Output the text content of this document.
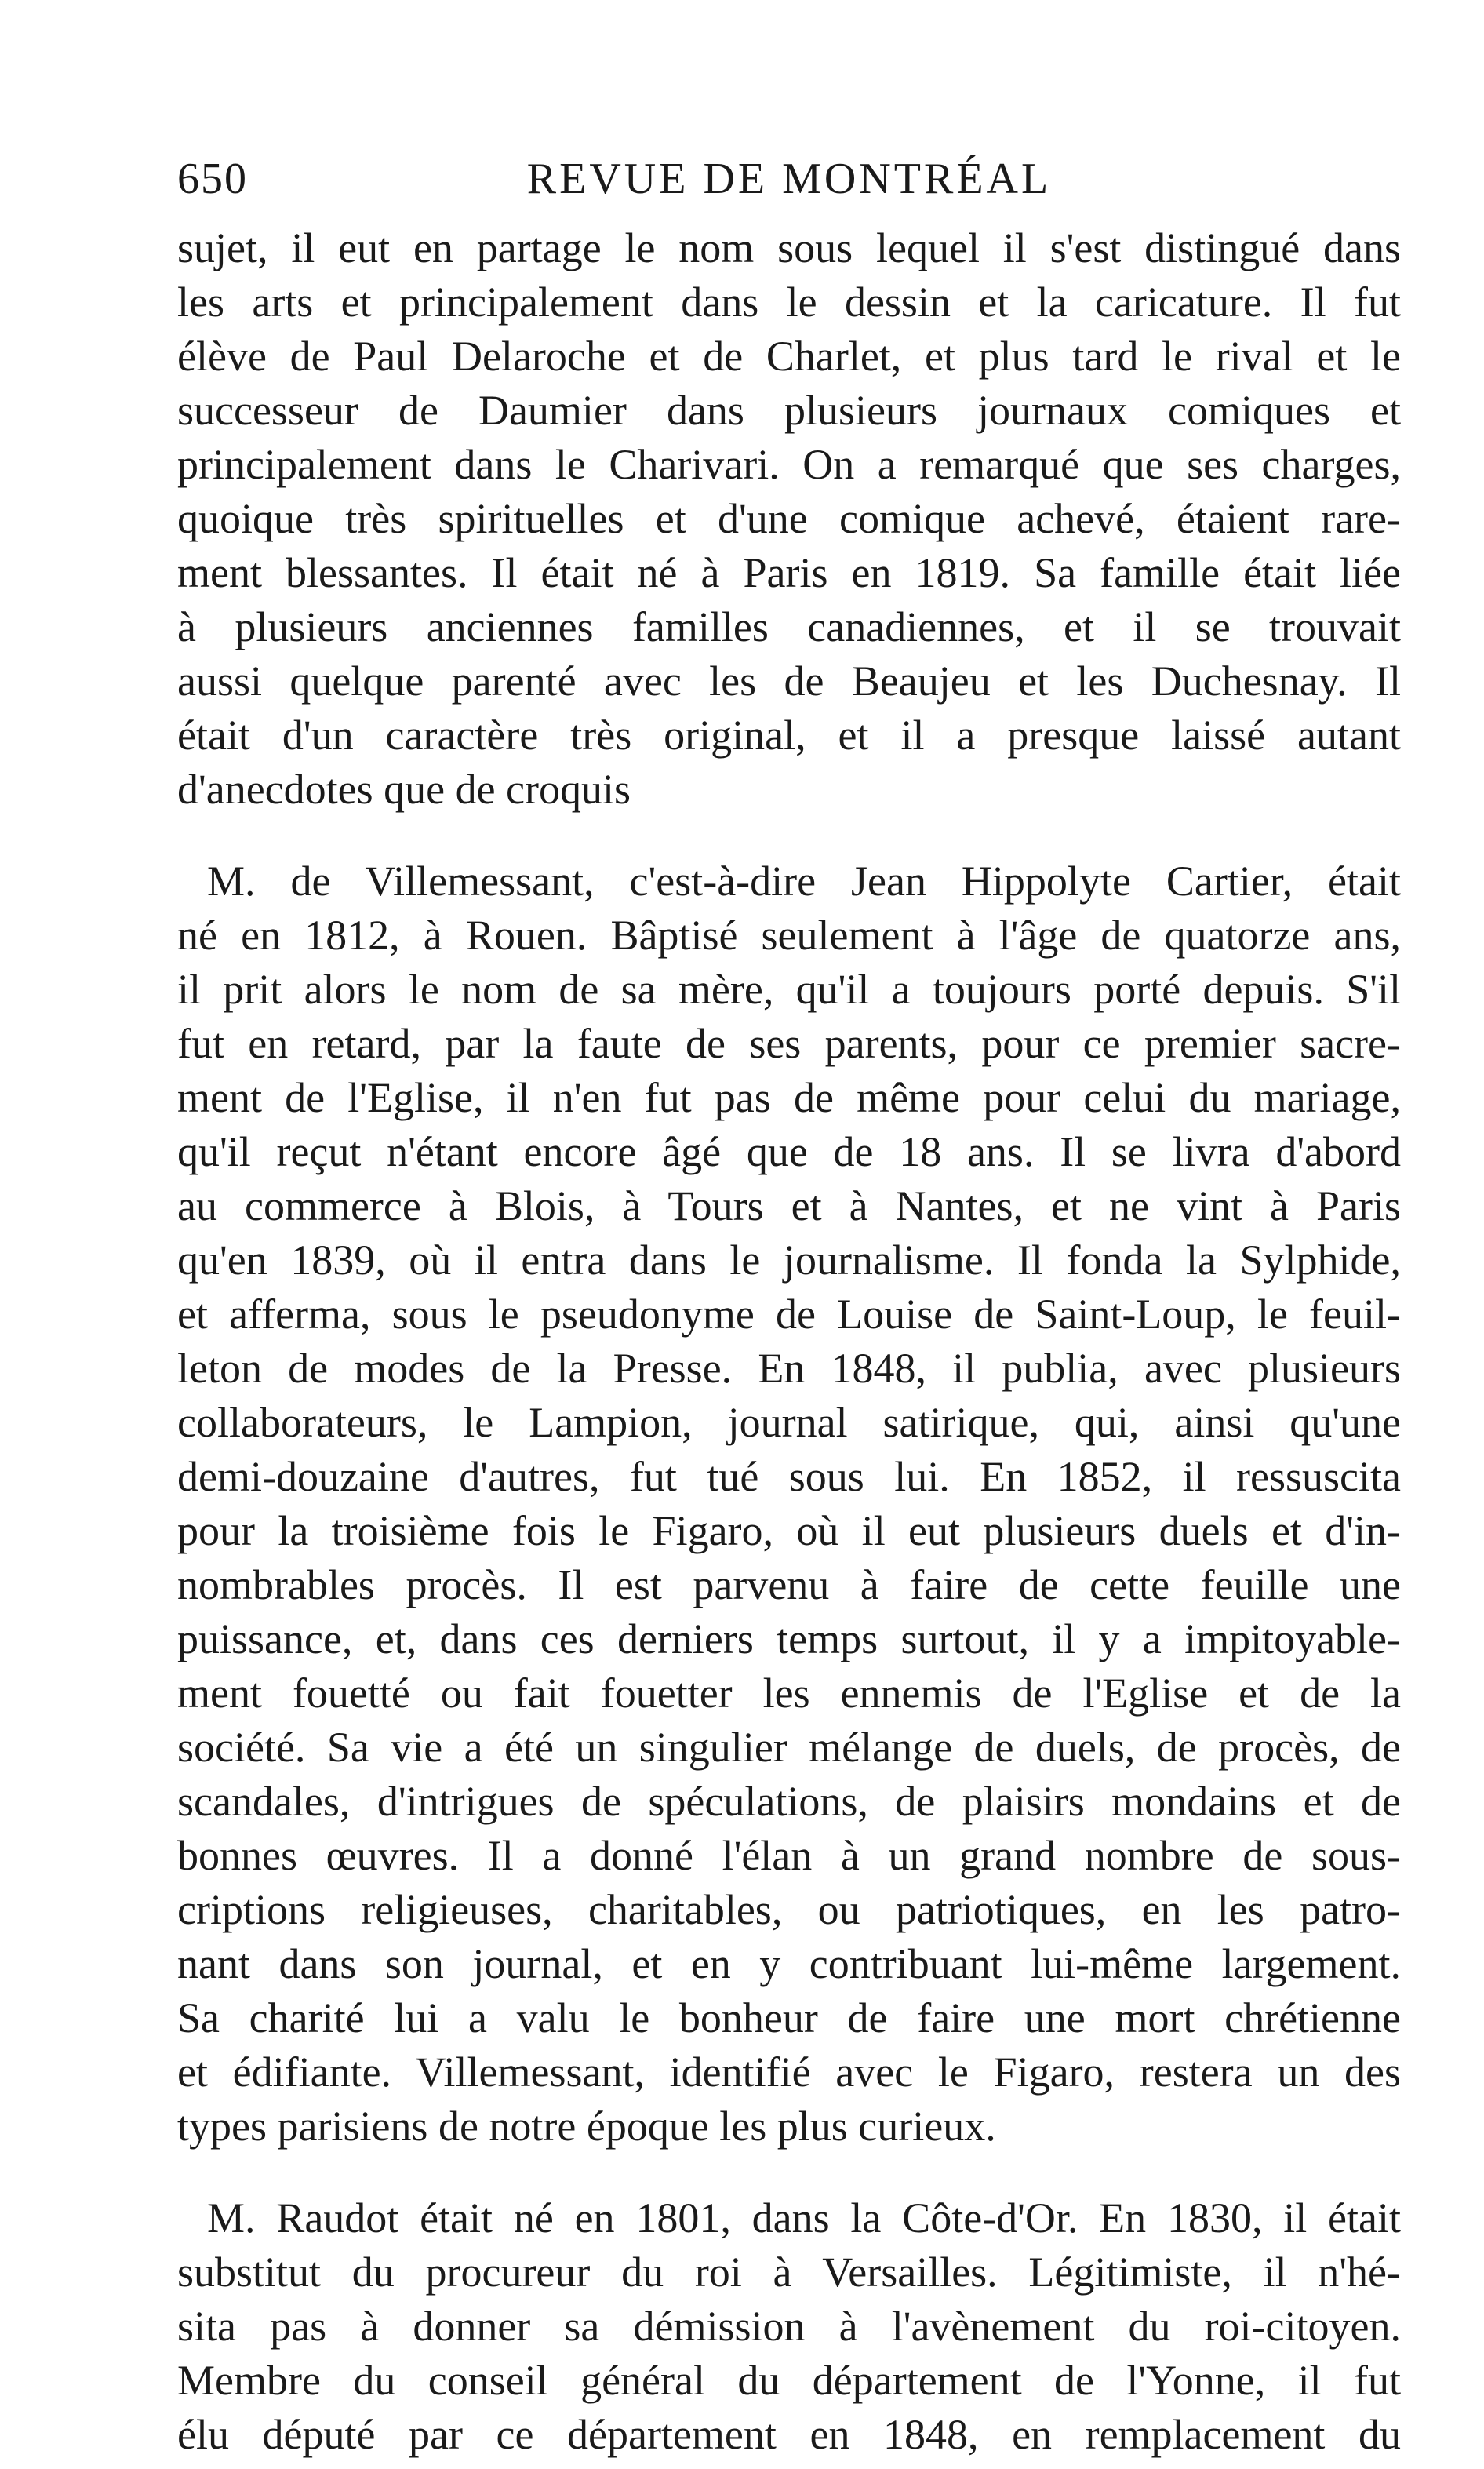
650	REVUE DE MONTRÉAL
sujet, il eut en partage le nom sous lequel il s'est distingué dans
les arts et principalement dans le dessin et la caricature. Il fut
élève de Paul Delaroche et de Charlet, et plus tard le rival et le
successeur de Daumier dans plusieurs journaux comiques et
principalement dans le Charivari. On a remarqué que ses charges,
quoique très spirituelles et d'une comique achevé, étaient rare-
ment blessantes. Il était né à Paris en 1819. Sa famille était liée
à plusieurs anciennes familles canadiennes, et il se trouvait
aussi quelque parenté avec les de Beaujeu et les Duchesnay. Il
était d'un caractère très original, et il a presque laissé autant
d'anecdotes que de croquis
M. de Villemessant, c'est-à-dire Jean Hippolyte Cartier, était
né en 1812, à Rouen. Bâptisé seulement à l'âge de quatorze ans,
il prit alors le nom de sa mère, qu'il a toujours porté depuis. S'il
fut en retard, par la faute de ses parents, pour ce premier sacre-
ment de l'Eglise, il n'en fut pas de même pour celui du mariage,
qu'il reçut n'étant encore âgé que de 18 ans. Il se livra d'abord
au commerce à Blois, à Tours et à Nantes, et ne vint à Paris
qu'en 1839, où il entra dans le journalisme. Il fonda la Sylphide,
et afferma, sous le pseudonyme de Louise de Saint-Loup, le feuil-
leton de modes de la Presse. En 1848, il publia, avec plusieurs
collaborateurs, le Lampion, journal satirique, qui, ainsi qu'une
demi-douzaine d'autres, fut tué sous lui. En 1852, il ressuscita
pour la troisième fois le Figaro, où il eut plusieurs duels et d'in-
nombrables procès. Il est parvenu à faire de cette feuille une
puissance, et, dans ces derniers temps surtout, il y a impitoyable-
ment fouetté ou fait fouetter les ennemis de l'Eglise et de la
société. Sa vie a été un singulier mélange de duels, de procès, de
scandales, d'intrigues de spéculations, de plaisirs mondains et de
bonnes œuvres. Il a donné l'élan à un grand nombre de sous-
criptions religieuses, charitables, ou patriotiques, en les patro-
nant dans son journal, et en y contribuant lui-même largement.
Sa charité lui a valu le bonheur de faire une mort chrétienne
et édifiante. Villemessant, identifié avec le Figaro, restera un des
types parisiens de notre époque les plus curieux.
M. Raudot était né en 1801, dans la Côte-d'Or. En 1830, il était
substitut du procureur du roi à Versailles. Légitimiste, il n'hé-
sita pas à donner sa démission à l'avènement du roi-citoyen.
Membre du conseil général du département de l'Yonne, il fut
élu député par ce département en 1848, en remplacement du
